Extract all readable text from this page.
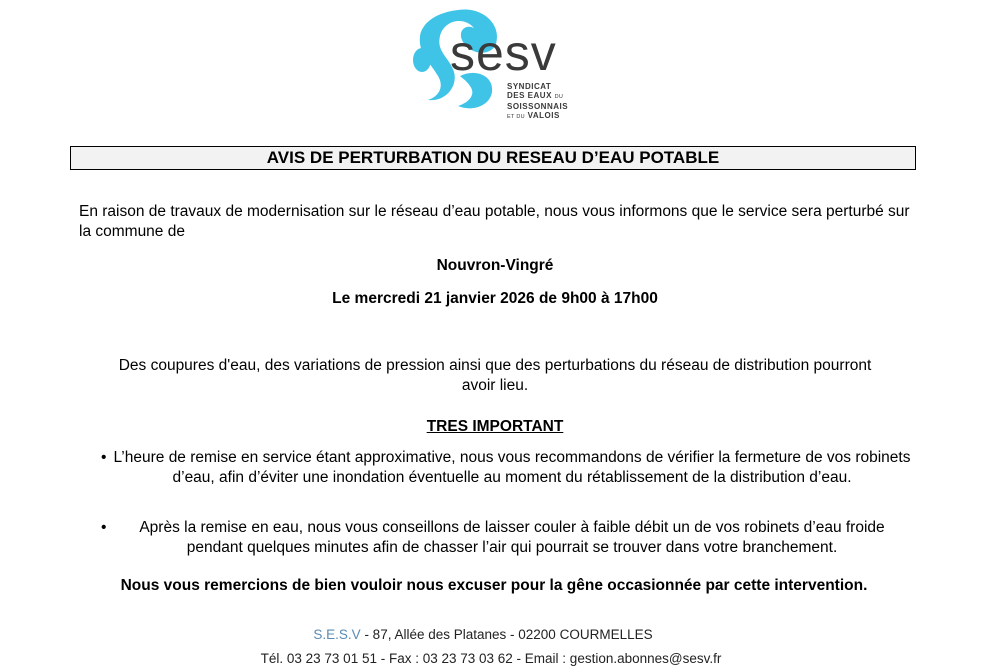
sesv
SYNDICAT
DES EAUX DU
SOISSONNAIS
ET DU VALOIS
AVIS DE PERTURBATION DU RESEAU D’EAU POTABLE
En raison de travaux de modernisation sur le réseau d’eau potable, nous vous informons que le service sera perturbé sur la commune de
Nouvron-Vingré
Le mercredi 21 janvier 2026 de 9h00 à 17h00
Des coupures d'eau, des variations de pression ainsi que des perturbations du réseau de distribution pourront avoir lieu.
TRES IMPORTANT
• L’heure de remise en service étant approximative, nous vous recommandons de vérifier la fermeture de vos robinets d’eau, afin d’éviter une inondation éventuelle au moment du rétablissement de la distribution d’eau.
•	Après la remise en eau, nous vous conseillons de laisser couler à faible débit un de vos robinets d’eau froide pendant quelques minutes afin de chasser l’air qui pourrait se trouver dans votre branchement.
Nous vous remercions de bien vouloir nous excuser pour la gêne occasionnée par cette intervention.
S.E.S.V - 87, Allée des Platanes - 02200 COURMELLES
Tél. 03 23 73 01 51 - Fax : 03 23 73 03 62 - Email : gestion.abonnes@sesv.fr
